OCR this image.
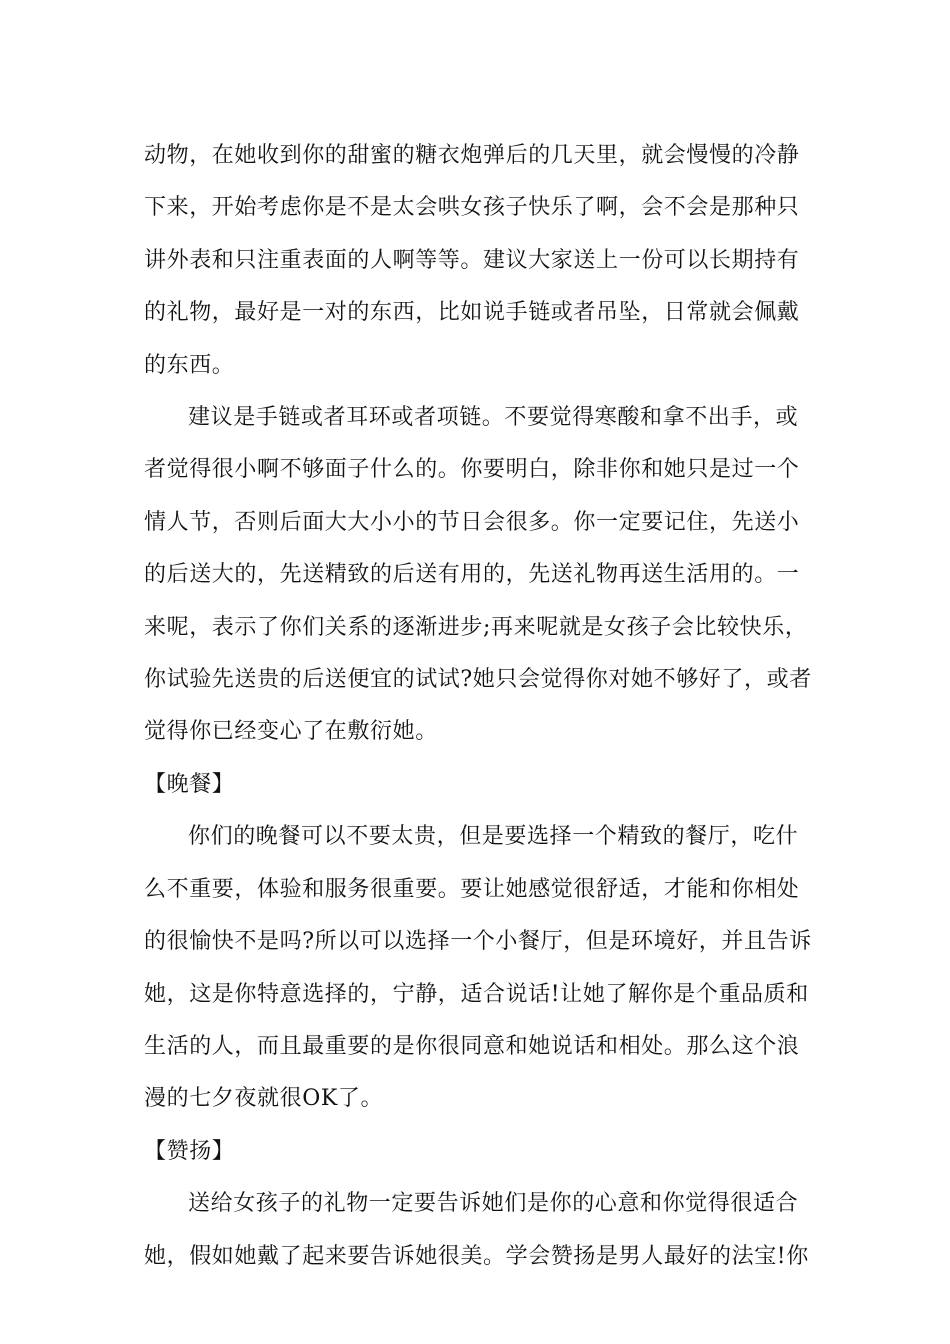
动物，在她收到你的甜蜜的糖衣炮弹后的几天里，就会慢慢的冷静
下来，开始考虑你是不是太会哄女孩子快乐了啊，会不会是那种只
讲外表和只注重表面的人啊等等。建议大家送上一份可以长期持有
的礼物，最好是一对的东西，比如说手链或者吊坠，日常就会佩戴
的东西。

建议是手链或者耳环或者项链。不要觉得寒酸和拿不出手，或
者觉得很小啊不够面子什么的。你要明白，除非你和她只是过一个
情人节，否则后面大大小小的节日会很多。你一定要记住，先送小
的后送大的，先送精致的后送有用的，先送礼物再送生活用的。一
来呢，表示了你们关系的逐渐进步;再来呢就是女孩子会比较快乐，
你试验先送贵的后送便宜的试试?她只会觉得你对她不够好了，或者
觉得你已经变心了在敷衍她。

【晚餐】

你们的晚餐可以不要太贵，但是要选择一个精致的餐厅，吃什
么不重要，体验和服务很重要。要让她感觉很舒适，才能和你相处
的很愉快不是吗?所以可以选择一个小餐厅，但是环境好，并且告诉
她，这是你特意选择的，宁静，适合说话!让她了解你是个重品质和
生活的人，而且最重要的是你很同意和她说话和相处。那么这个浪
漫的七夕夜就很OK了。

【赞扬】

送给女孩子的礼物一定要告诉她们是你的心意和你觉得很适合
她，假如她戴了起来要告诉她很美。学会赞扬是男人最好的法宝!你
